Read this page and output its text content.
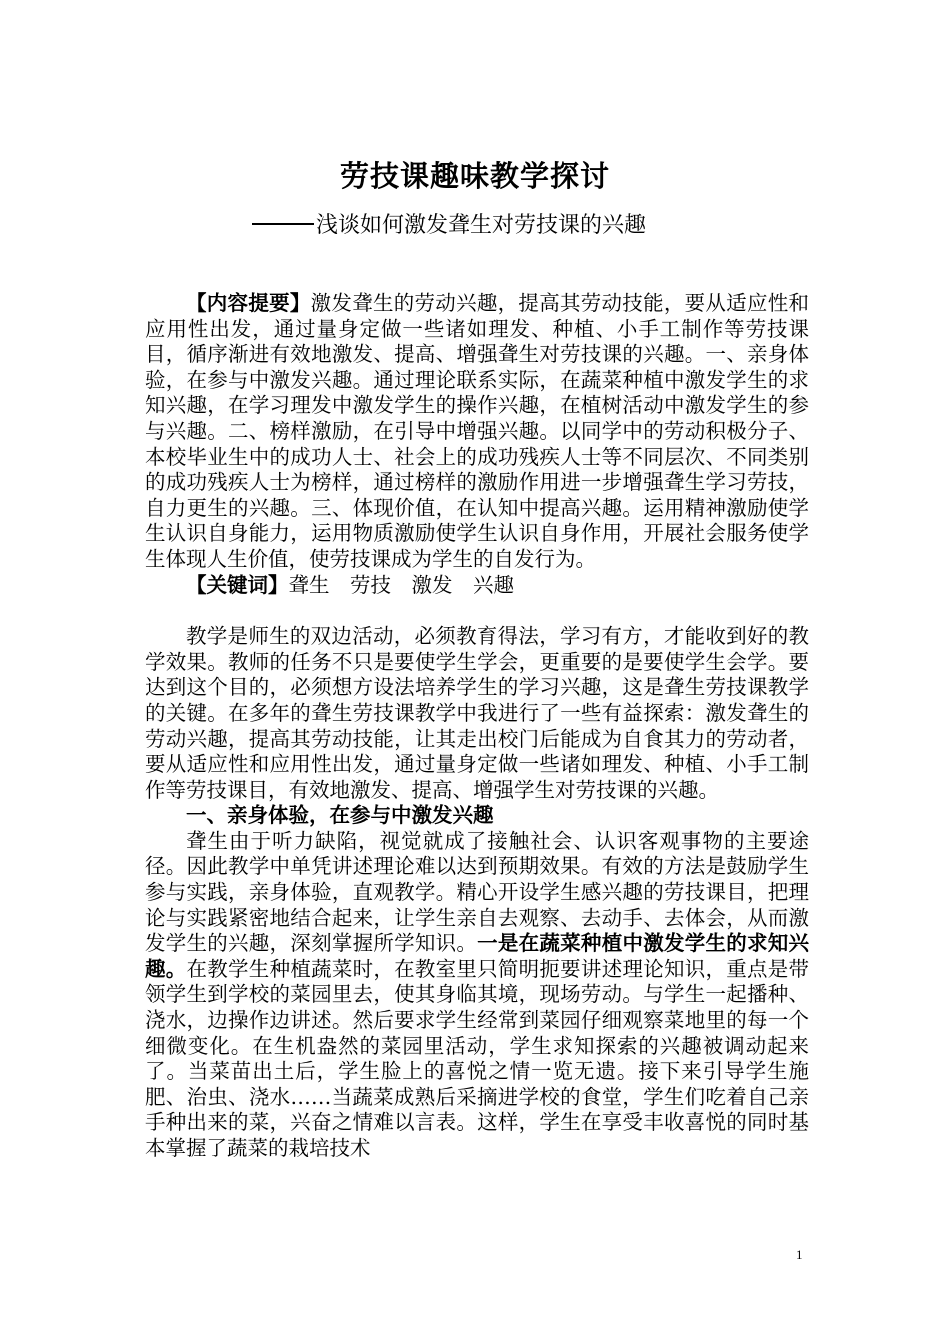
劳技课趣味教学探讨
浅谈如何激发聋生对劳技课的兴趣

【内容提要】激发聋生的劳动兴趣，提高其劳动技能，要从适应性和应用性出发，通过量身定做一些诸如理发、种植、小手工制作等劳技课目，循序渐进有效地激发、提高、增强聋生对劳技课的兴趣。一、亲身体验，在参与中激发兴趣。通过理论联系实际，在蔬菜种植中激发学生的求知兴趣，在学习理发中激发学生的操作兴趣，在植树活动中激发学生的参与兴趣。二、榜样激励，在引导中增强兴趣。以同学中的劳动积极分子、本校毕业生中的成功人士、社会上的成功残疾人士等不同层次、不同类别的成功残疾人士为榜样，通过榜样的激励作用进一步增强聋生学习劳技，自力更生的兴趣。三、体现价值，在认知中提高兴趣。运用精神激励使学生认识自身能力，运用物质激励使学生认识自身作用，开展社会服务使学生体现人生价值，使劳技课成为学生的自发行为。

【关键词】聋生　劳技　激发　兴趣

教学是师生的双边活动，必须教育得法，学习有方，才能收到好的教学效果。教师的任务不只是要使学生学会，更重要的是要使学生会学。要达到这个目的，必须想方设法培养学生的学习兴趣，这是聋生劳技课教学的关键。在多年的聋生劳技课教学中我进行了一些有益探索：激发聋生的劳动兴趣，提高其劳动技能，让其走出校门后能成为自食其力的劳动者，要从适应性和应用性出发，通过量身定做一些诸如理发、种植、小手工制作等劳技课目，有效地激发、提高、增强学生对劳技课的兴趣。

一、亲身体验，在参与中激发兴趣

聋生由于听力缺陷，视觉就成了接触社会、认识客观事物的主要途径。因此教学中单凭讲述理论难以达到预期效果。有效的方法是鼓励学生参与实践，亲身体验，直观教学。精心开设学生感兴趣的劳技课目，把理论与实践紧密地结合起来，让学生亲自去观察、去动手、去体会，从而激发学生的兴趣，深刻掌握所学知识。一是在蔬菜种植中激发学生的求知兴趣。在教学生种植蔬菜时，在教室里只简明扼要讲述理论知识，重点是带领学生到学校的菜园里去，使其身临其境，现场劳动。与学生一起播种、浇水，边操作边讲述。然后要求学生经常到菜园仔细观察菜地里的每一个细微变化。在生机盎然的菜园里活动，学生求知探索的兴趣被调动起来了。当菜苗出土后，学生脸上的喜悦之情一览无遗。接下来引导学生施肥、治虫、浇水……当蔬菜成熟后采摘进学校的食堂，学生们吃着自己亲手种出来的菜，兴奋之情难以言表。这样，学生在享受丰收喜悦的同时基本掌握了蔬菜的栽培技术

1
